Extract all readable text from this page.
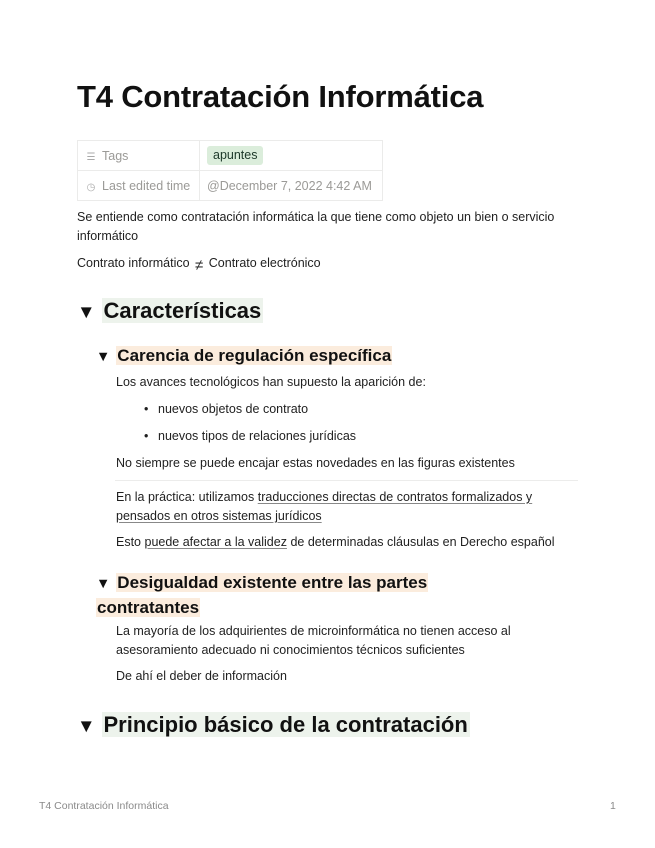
T4 Contratación Informática
☰ Tags	apuntes
◷ Last edited time	@December 7, 2022 4:42 AM

Se entiende como contratación informática la que tiene como objeto un bien o servicio informático

Contrato informático ≠ Contrato electrónico

▼ Características
▼ Carencia de regulación específica

Los avances tecnológicos han supuesto la aparición de:

• nuevos objetos de contrato
• nuevos tipos de relaciones jurídicas

No siempre se puede encajar estas novedades en las figuras existentes

En la práctica: utilizamos traducciones directas de contratos formalizados y
pensados en otros sistemas jurídicos

Esto puede afectar a la validez de determinadas cláusulas en Derecho español

▼ Desigualdad existente entre las partes
contratantes

La mayoría de los adquirientes de microinformática no tienen acceso al
asesoramiento adecuado ni conocimientos técnicos suficientes

De ahí el deber de información

▼ Principio básico de la contratación
T4 Contratación Informática	1
